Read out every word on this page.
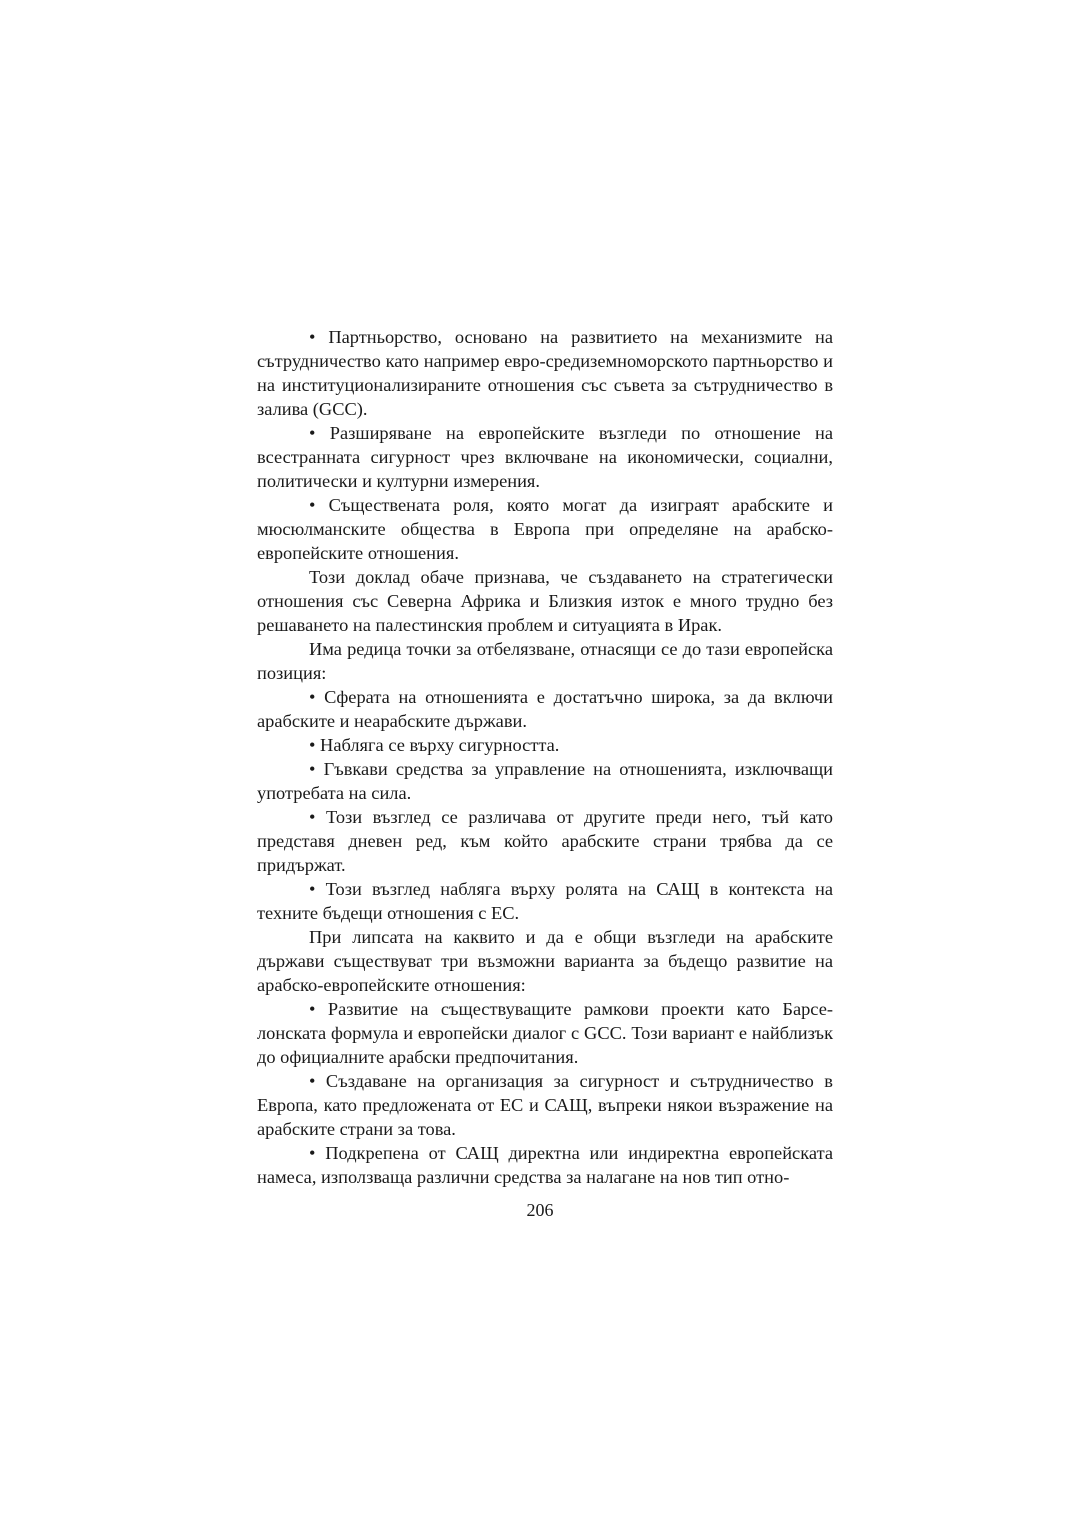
• Партньорство, основано на развитието на механизмите на сътрудничество като например евро-средиземноморското партньорство и на институционализираните отношения със съвета за сътрудничество в залива (GCC).

• Разширяване на европейските възгледи по отношение на всестранната сигурност чрез включване на икономически, социални, политически и културни измерения.

• Съществената роля, която могат да изиграят арабските и мюсюлманските общества в Европа при определяне на арабско-европейските отношения.

Този доклад обаче признава, че създаването на стратегически отношения със Северна Африка и Близкия изток е много трудно без решаването на палестинския проблем и ситуацията в Ирак.

Има редица точки за отбелязване, отнасящи се до тази европейска позиция:

• Сферата на отношенията е достатъчно широка, за да включи арабските и неарабските държави.

• Наблягa се върху сигурността.

• Гъвкави средства за управление на отношенията, изключващи употребата на сила.

• Този възглед се различава от другите преди него, тъй като представя дневен ред, към който арабските страни трябва да се придържат.

• Този възглед наблягa върху ролята на САЩ в контекста на техните бъдещи отношения с ЕС.

При липсата на каквито и да е общи възгледи на арабските държави съществуват три възможни варианта за бъдещо развитие на арабско-европейските отношения:

• Развитие на съществуващите рамкови проекти като Барселонската формула и европейски диалог с GCC. Този вариант е найблизък до официалните арабски предпочитания.

• Създаване на организация за сигурност и сътрудничество в Европа, като предложената от ЕС и САЩ, въпреки някои възражение на арабските страни за това.

• Подкрепена от САЩ директна или индиректна европейската намеса, използваща различни средства за налагане на нов тип отно-

206
